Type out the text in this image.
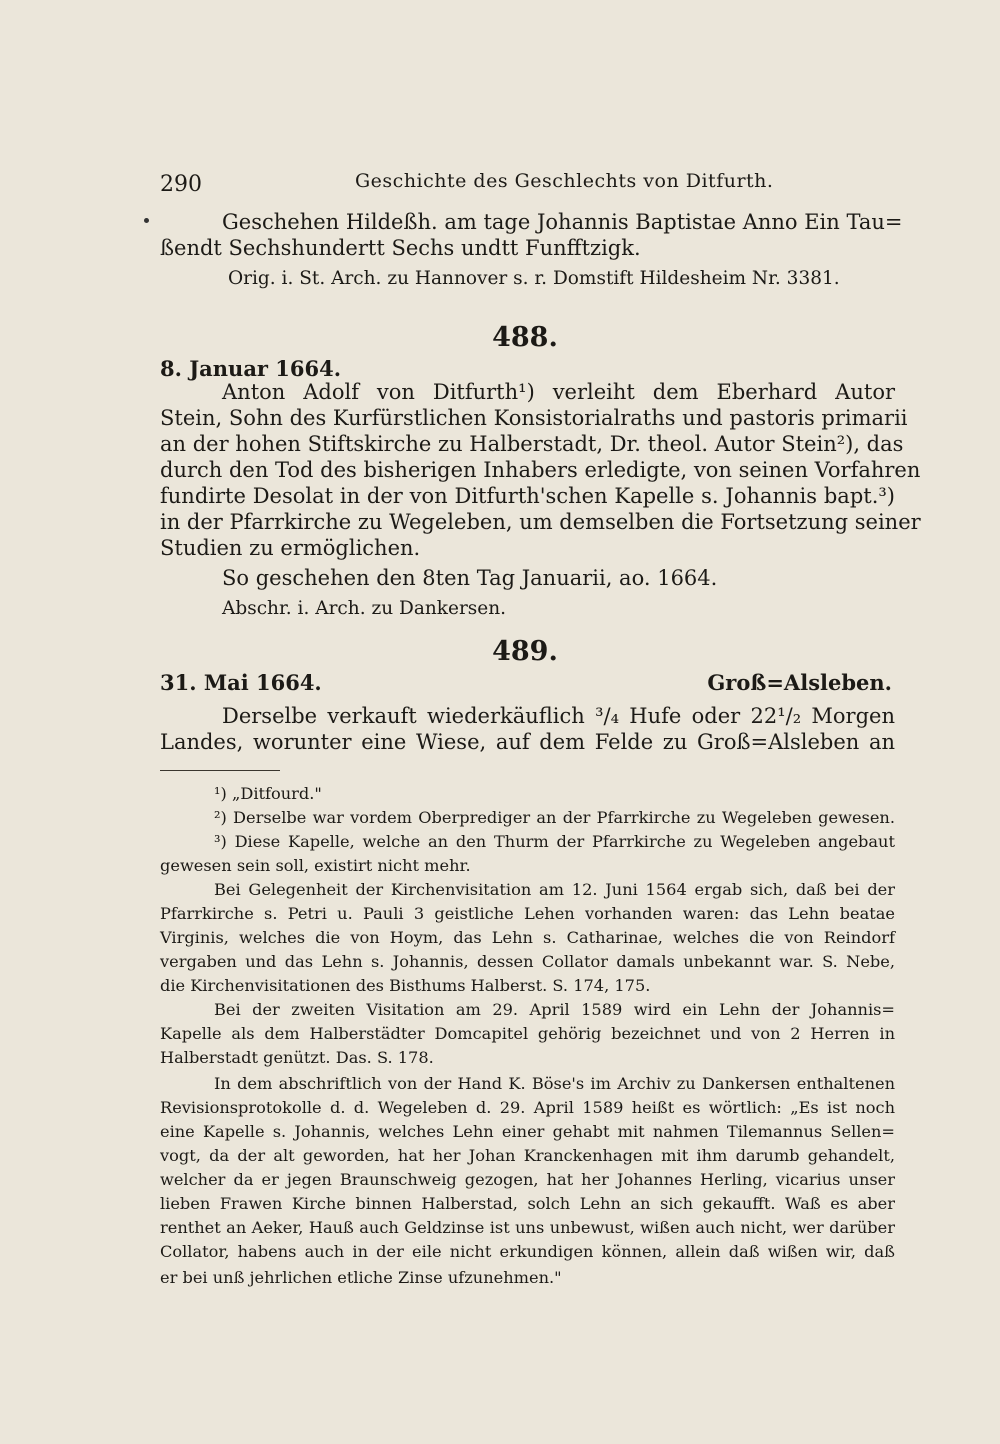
290	Geschichte des Geschlechts von Ditfurth.
Geschehen Hildeßh. am tage Johannis Baptistae Anno Ein Tau=
ßendt Sechshundertt Sechs undtt Funfftzigk.
Orig. i. St. Arch. zu Hannover s. r. Domstift Hildesheim Nr. 3381.
488.
8. Januar 1664.
Anton Adolf von Ditfurth¹) verleiht dem Eberhard Autor
Stein, Sohn des Kurfürstlichen Konsistorialraths und pastoris primarii
an der hohen Stiftskirche zu Halberstadt, Dr. theol. Autor Stein²), das
durch den Tod des bisherigen Inhabers erledigte, von seinen Vorfahren
fundirte Desolat in der von Ditfurth'schen Kapelle s. Johannis bapt.³)
in der Pfarrkirche zu Wegeleben, um demselben die Fortsetzung seiner
Studien zu ermöglichen.
So geschehen den 8ten Tag Januarii, ao. 1664.
Abschr. i. Arch. zu Dankersen.
489.
31. Mai 1664.	Groß=Alsleben.
Derselbe verkauft wiederkäuflich ³/₄ Hufe oder 22¹/₂ Morgen
Landes, worunter eine Wiese, auf dem Felde zu Groß=Alsleben an
¹) „Ditfourd."
²) Derselbe war vordem Oberprediger an der Pfarrkirche zu Wegeleben gewesen.
³) Diese Kapelle, welche an den Thurm der Pfarrkirche zu Wegeleben angebaut
gewesen sein soll, existirt nicht mehr.
Bei Gelegenheit der Kirchenvisitation am 12. Juni 1564 ergab sich, daß bei der
Pfarrkirche s. Petri u. Pauli 3 geistliche Lehen vorhanden waren: das Lehn beatae
Virginis, welches die von Hoym, das Lehn s. Catharinae, welches die von Reindorf
vergaben und das Lehn s. Johannis, dessen Collator damals unbekannt war. S. Nebe,
die Kirchenvisitationen des Bisthums Halberst. S. 174, 175.
Bei der zweiten Visitation am 29. April 1589 wird ein Lehn der Johannis=
Kapelle als dem Halberstädter Domcapitel gehörig bezeichnet und von 2 Herren in
Halberstadt genützt. Das. S. 178.
In dem abschriftlich von der Hand K. Böse's im Archiv zu Dankersen enthaltenen
Revisionsprotokolle d. d. Wegeleben d. 29. April 1589 heißt es wörtlich: „Es ist noch
eine Kapelle s. Johannis, welches Lehn einer gehabt mit nahmen Tilemannus Sellen=
vogt, da der alt geworden, hat her Johan Kranckenhagen mit ihm darumb gehandelt,
welcher da er jegen Braunschweig gezogen, hat her Johannes Herling, vicarius unser
lieben Frawen Kirche binnen Halberstad, solch Lehn an sich gekaufft. Waß es aber
renthet an Aeker, Hauß auch Geldzinse ist uns unbewust, wißen auch nicht, wer darüber
Collator, habens auch in der eile nicht erkundigen können, allein daß wißen wir, daß
er bei unß jehrlichen etliche Zinse ufzunehmen."
